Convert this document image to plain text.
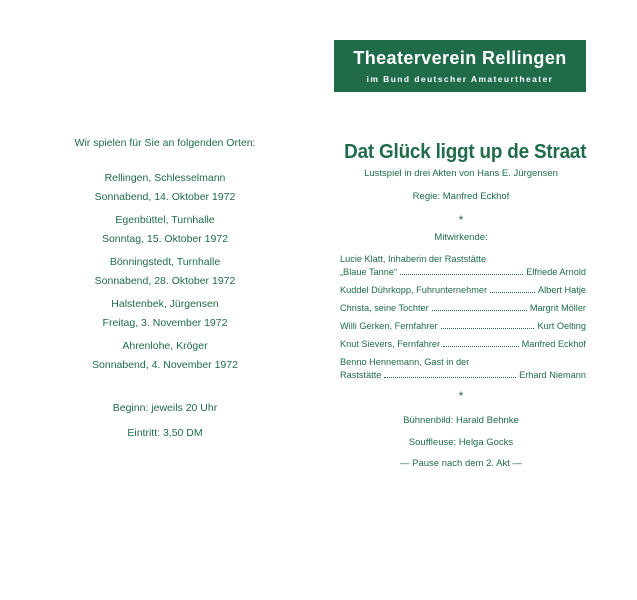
Wir spielen für Sie an folgenden Orten:
Rellingen, Schlesselmann
Sonnabend, 14. Oktober 1972
Egenbüttel, Turnhalle
Sonntag, 15. Oktober 1972
Bönningstedt, Turnhalle
Sonnabend, 28. Oktober 1972
Halstenbek, Jürgensen
Freitag, 3. November 1972
Ahrenlohe, Kröger
Sonnabend, 4. November 1972
Beginn: jeweils 20 Uhr
Eintritt: 3,50 DM
Theaterverein Rellingen
im Bund deutscher Amateurtheater
Dat Glück liggt up de Straat
Lustspiel in drei Akten von Hans E. Jürgensen
Regie: Manfred Eckhof
*
Mitwirkende:
Lucie Klatt, Inhaberin der Raststätte
„Blaue Tanne“	Elfriede Arnold
Kuddel Dührkopp, Fuhrunternehmer	Albert Hatje
Christa, seine Tochter	Margrit Möller
Willi Gerken, Fernfahrer	Kurt Oelting
Knut Sievers, Fernfahrer	Manfred Eckhof
Benno Hennemann, Gast in der
Raststätte	Erhard Niemann
*
Bühnenbild: Harald Behnke
Souffleuse: Helga Gocks
— Pause nach dem 2. Akt —
